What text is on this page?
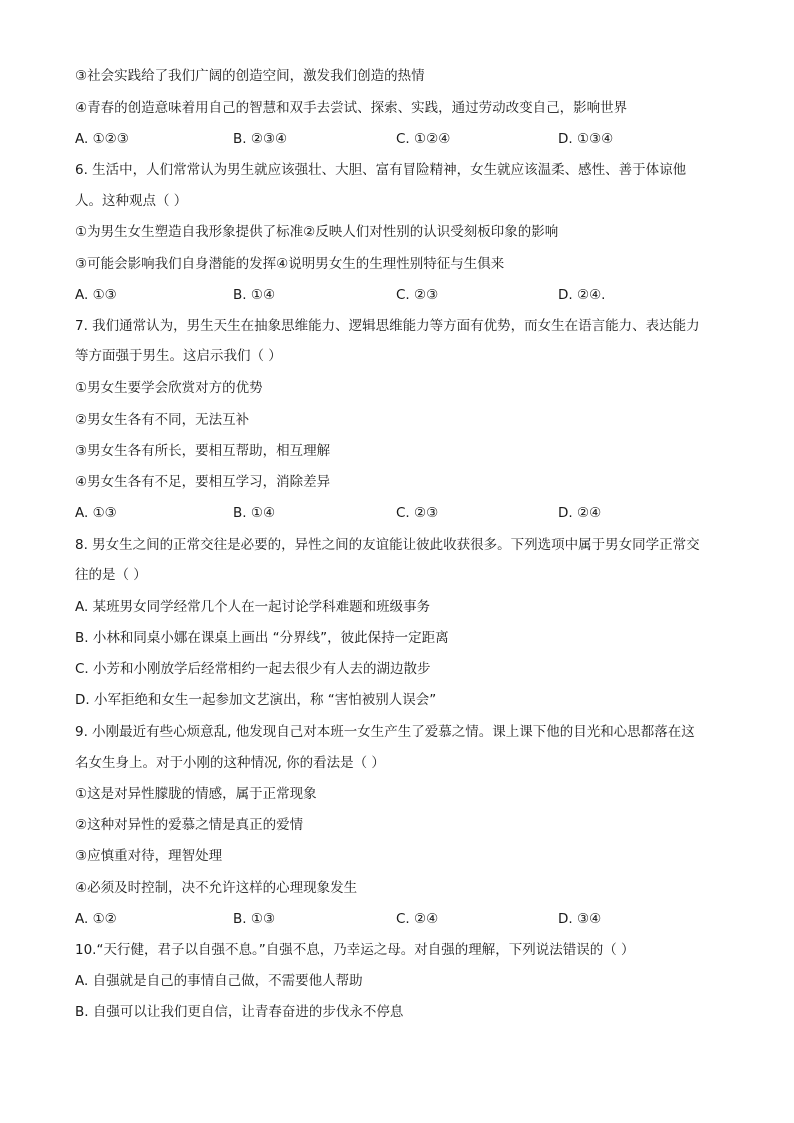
③社会实践给了我们广阔的创造空间，激发我们创造的热情
④青春的创造意味着用自己的智慧和双手去尝试、探索、实践，通过劳动改变自己，影响世界
A. ①②③	B. ②③④	C. ①②④	D. ①③④
6. 生活中，人们常常认为男生就应该强壮、大胆、富有冒险精神，女生就应该温柔、感性、善于体谅他
人。这种观点（ ）
①为男生女生塑造自我形象提供了标准②反映人们对性别的认识受刻板印象的影响
③可能会影响我们自身潜能的发挥④说明男女生的生理性别特征与生俱来
A. ①③	B. ①④	C. ②③	D. ②④.
7. 我们通常认为，男生天生在抽象思维能力、逻辑思维能力等方面有优势，而女生在语言能力、表达能力
等方面强于男生。这启示我们（ ）
①男女生要学会欣赏对方的优势
②男女生各有不同，无法互补
③男女生各有所长，要相互帮助，相互理解
④男女生各有不足，要相互学习，消除差异
A. ①③	B. ①④	C. ②③	D. ②④
8. 男女生之间的正常交往是必要的，异性之间的友谊能让彼此收获很多。下列选项中属于男女同学正常交
往的是（ ）
A. 某班男女同学经常几个人在一起讨论学科难题和班级事务
B. 小林和同桌小娜在课桌上画出 “分界线”，彼此保持一定距离
C. 小芳和小刚放学后经常相约一起去很少有人去的湖边散步
D. 小军拒绝和女生一起参加文艺演出，称 “害怕被别人误会”
9. 小刚最近有些心烦意乱, 他发现自己对本班一女生产生了爱慕之情。课上课下他的目光和心思都落在这
名女生身上。对于小刚的这种情况, 你的看法是（ ）
①这是对异性朦胧的情感，属于正常现象
②这种对异性的爱慕之情是真正的爱情
③应慎重对待，理智处理
④必须及时控制，决不允许这样的心理现象发生
A. ①②	B. ①③	C. ②④	D. ③④
10.“天行健，君子以自强不息。”自强不息，乃幸运之母。对自强的理解，下列说法错误的（ ）
A. 自强就是自己的事情自己做，不需要他人帮助
B. 自强可以让我们更自信，让青春奋进的步伐永不停息
